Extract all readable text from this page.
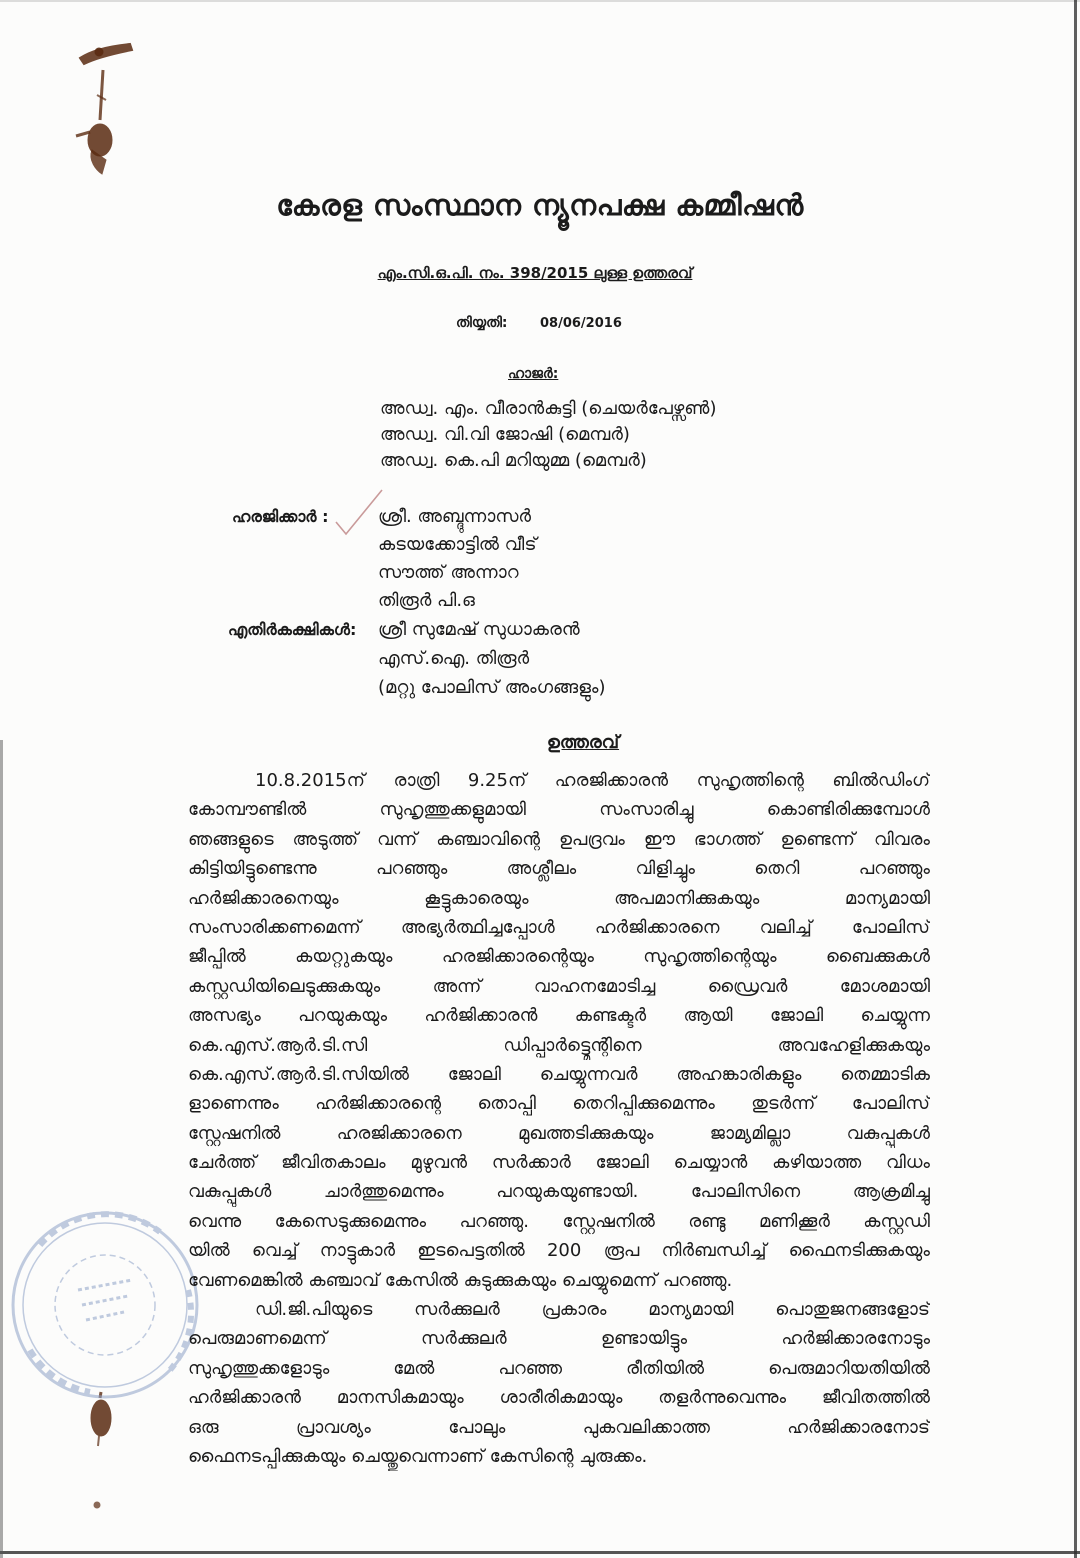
കേരള സംസ്ഥാന ന്യൂനപക്ഷ കമ്മീഷൻ
എം.സി.ഒ.പി. നം. 398/2015 ലുള്ള ഉത്തരവ്
തിയ്യതി: 08/06/2016
ഹാജർ:
അഡ്വ. എം. വീരാൻകുട്ടി (ചെയർപേഴ്സൺ)
അഡ്വ. വി.വി ജോഷി (മെമ്പർ)
അഡ്വ. കെ.പി മറിയുമ്മ (മെമ്പർ)
ഹരജിക്കാർ :	ശ്രീ. അബ്ദുന്നാസർ
കടയക്കോട്ടിൽ വീട്
സൗത്ത് അന്നാറ
തിരൂർ പി.ഒ
എതിർകക്ഷികൾ: ശ്രീ സുമേഷ് സുധാകരൻ
എസ്.ഐ. തിരൂർ
(മറ്റു പോലിസ് അംഗങ്ങളും)
ഉത്തരവ്
10.8.2015ന് രാത്രി 9.25ന് ഹരജിക്കാരൻ സുഹൃത്തിന്റെ ബിൽഡിംഗ്
കോമ്പൗണ്ടിൽ	സുഹൃത്തുക്കളുമായി	സംസാരിച്ചു	കൊണ്ടിരിക്കുമ്പോൾ
ഞങ്ങളുടെ അടുത്ത് വന്ന് കഞ്ചാവിന്റെ ഉപദ്രവം ഈ ഭാഗത്ത് ഉണ്ടെന്ന് വിവരം
കിട്ടിയിട്ടുണ്ടെന്നു	പറഞ്ഞും	അശ്ലീലം	വിളിച്ചും	തെറി	പറഞ്ഞും
ഹർജിക്കാരനെയും	കൂട്ടുകാരെയും	അപമാനിക്കുകയും	മാന്യമായി
സംസാരിക്കണമെന്ന് അഭ്യർത്ഥിച്ചപ്പോൾ ഹർജിക്കാരനെ വലിച്ച് പോലിസ്
ജീപ്പിൽ	കയറ്റുകയും	ഹരജിക്കാരന്റെയും	സുഹൃത്തിന്റെയും	ബൈക്കുകൾ
കസ്റ്റഡിയിലെടുക്കുകയും	അന്ന്	വാഹനമോടിച്ച	ഡ്രൈവർ	മോശമായി
അസഭ്യം പറയുകയും ഹർജിക്കാരൻ കണ്ടക്ടർ ആയി ജോലി ചെയ്യുന്ന
കെ.എസ്.ആർ.ടി.സി	ഡിപ്പാർട്ട്മെന്റിനെ	അവഹേളിക്കുകയും
കെ.എസ്.ആർ.ടി.സിയിൽ ജോലി ചെയ്യുന്നവർ അഹങ്കാരികളും തെമ്മാടിക
ളാണെന്നും ഹർജിക്കാരന്റെ തൊപ്പി തെറിപ്പിക്കുമെന്നും തുടർന്ന് പോലിസ്
സ്റ്റേഷനിൽ	ഹരജിക്കാരനെ	മുഖത്തടിക്കുകയും	ജാമ്യമില്ലാ	വകുപ്പുകൾ
ചേർത്ത് ജീവിതകാലം മുഴുവൻ സർക്കാർ ജോലി ചെയ്യാൻ കഴിയാത്ത വിധം
വകുപ്പുകൾ	ചാർത്തുമെന്നും	പറയുകയുണ്ടായി.	പോലിസിനെ	ആക്രമിച്ചു
വെന്നു കേസെടുക്കുമെന്നും പറഞ്ഞു. സ്റ്റേഷനിൽ രണ്ടു മണിക്കൂർ കസ്റ്റഡി
യിൽ വെച്ച് നാട്ടുകാർ ഇടപെട്ടതിൽ 200 രൂപ നിർബന്ധിച്ച് ഫൈനടിക്കുകയും
വേണമെങ്കിൽ കഞ്ചാവ് കേസിൽ കുടുക്കുകയും ചെയ്യുമെന്ന് പറഞ്ഞു.
ഡി.ജി.പിയുടെ സർക്കുലർ പ്രകാരം മാന്യമായി പൊതുജനങ്ങളോട്
പെരുമാണമെന്ന്	സർക്കുലർ	ഉണ്ടായിട്ടും	ഹർജിക്കാരനോടും
സുഹൃത്തുക്കളോടും	മേൽ	പറഞ്ഞ	രീതിയിൽ	പെരുമാറിയതിയിൽ
ഹർജിക്കാരൻ മാനസികമായും ശാരീരികമായും തളർന്നുവെന്നും ജീവിതത്തിൽ
ഒരു	പ്രാവശ്യം	പോലും	പുകവലിക്കാത്ത	ഹർജിക്കാരനോട്
ഫൈനടപ്പിക്കുകയും ചെയ്തുവെന്നാണ് കേസിന്റെ ചുരുക്കം.
